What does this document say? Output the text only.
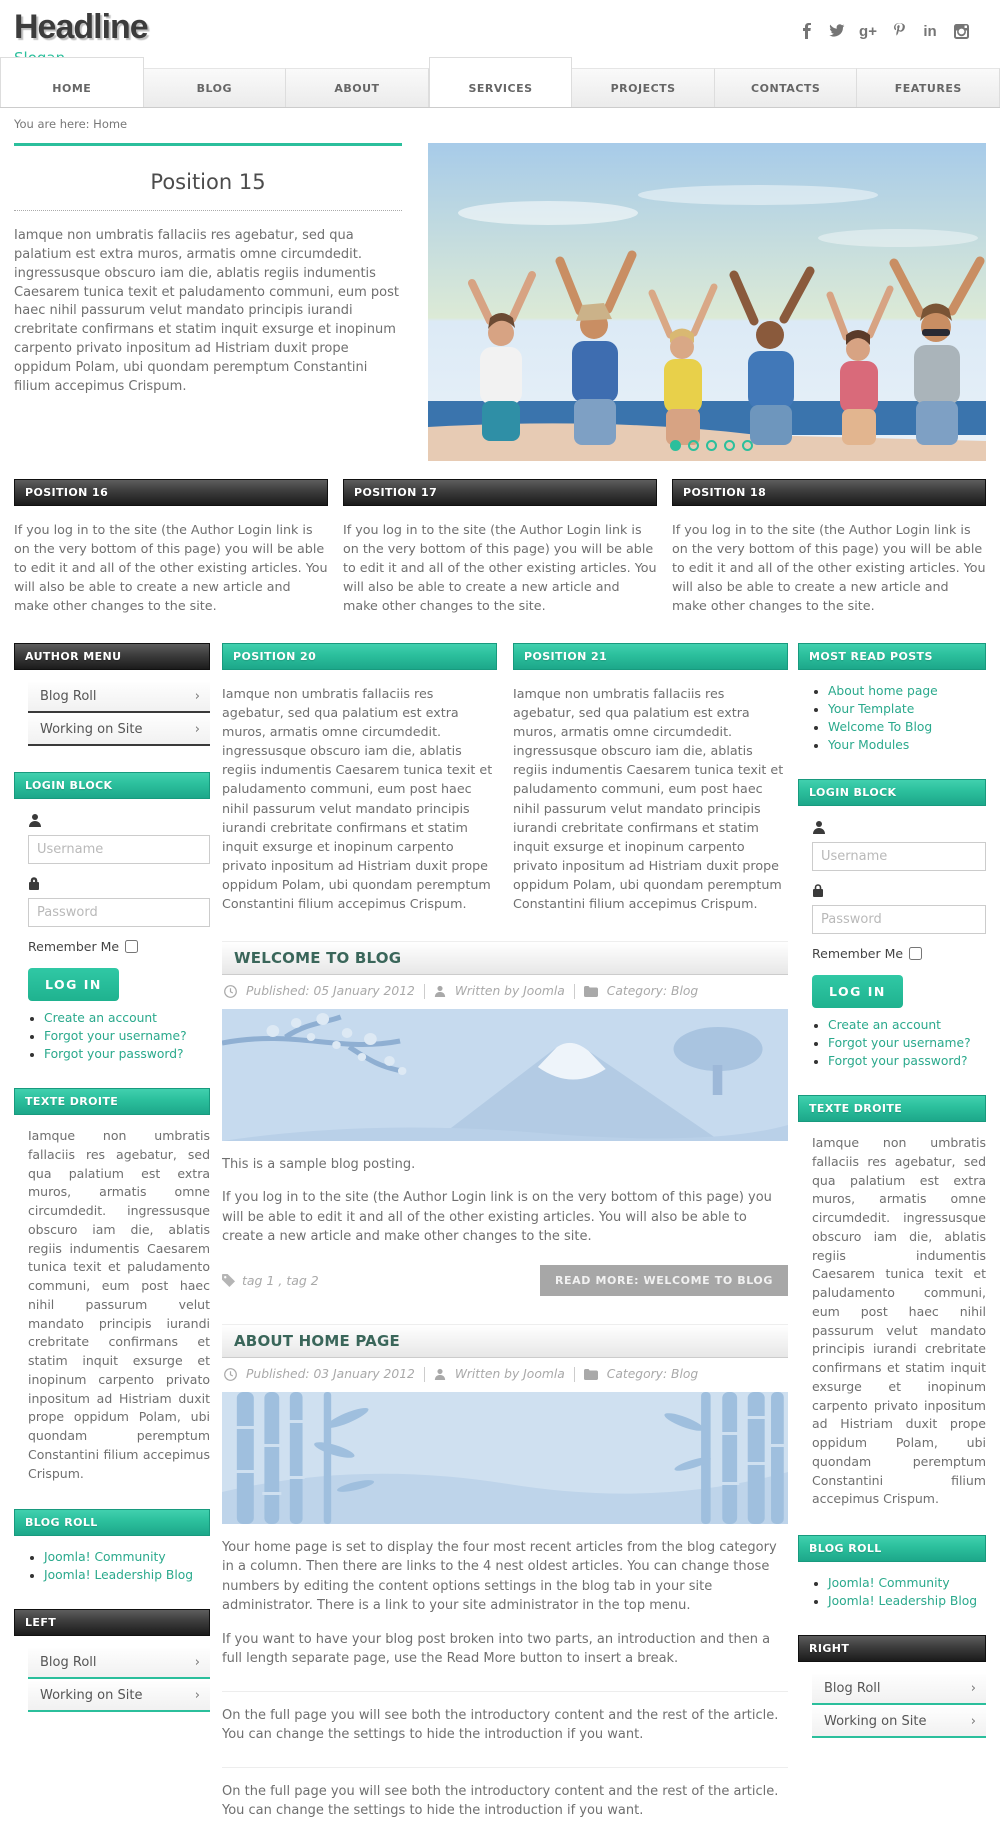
Headline	g+	in
HOME	BLOG	ABOUT	SERVICES	PROJECTS	CONTACTS	FEATURES
You are here: Home
Position 15

Iamque non umbratis fallaciis res agebatur, sed qua palatium est extra muros, armatis omne circumdedit. ingressusque obscuro iam die, ablatis regiis indumentis Caesarem tunica texit et paludamento communi, eum post haec nihil passurum velut mandato principis iurandi crebritate confirmans et statim inquit exsurge et inopinum carpento privato inpositum ad Histriam duxit prope oppidum Polam, ubi quondam peremptum Constantini filium accepimus Crispum.

POSITION 16

If you log in to the site (the Author Login link is on the very bottom of this page) you will be able to edit it and all of the other existing articles. You will also be able to create a new article and make other changes to the site.

POSITION 17

If you log in to the site (the Author Login link is on the very bottom of this page) you will be able to edit it and all of the other existing articles. You will also be able to create a new article and make other changes to the site.

POSITION 18

If you log in to the site (the Author Login link is on the very bottom of this page) you will be able to edit it and all of the other existing articles. You will also be able to create a new article and make other changes to the site.

AUTHOR MENU
Blog Roll	›
Working on Site	›
LOGIN BLOCK
Username
Remember Me
LOG IN
• Create an account
• Forgot your username?
• Forgot your password?
TEXTE DROITE

Iamque non umbratis fallaciis res agebatur, sed qua palatium est extra muros, armatis omne circumdedit. ingressusque obscuro iam die, ablatis regiis indumentis Caesarem tunica texit et paludamento communi, eum post haec nihil passurum velut mandato principis iurandi crebritate confirmans et statim inquit exsurge et inopinum carpento privato inpositum ad Histriam duxit prope oppidum Polam, ubi quondam peremptum Constantini filium accepimus Crispum.

BLOG ROLL
• Joomla! Community
• Joomla! Leadership Blog
LEFT
Blog Roll	›
Working on Site	›
POSITION 20

Iamque non umbratis fallaciis res agebatur, sed qua palatium est extra muros, armatis omne circumdedit. ingressusque obscuro iam die, ablatis regiis indumentis Caesarem tunica texit et paludamento communi, eum post haec nihil passurum velut mandato principis iurandi crebritate confirmans et statim inquit exsurge et inopinum carpento privato inpositum ad Histriam duxit prope oppidum Polam, ubi quondam peremptum Constantini filium accepimus Crispum.

POSITION 21

Iamque non umbratis fallaciis res agebatur, sed qua palatium est extra muros, armatis omne circumdedit. ingressusque obscuro iam die, ablatis regiis indumentis Caesarem tunica texit et paludamento communi, eum post haec nihil passurum velut mandato principis iurandi crebritate confirmans et statim inquit exsurge et inopinum carpento privato inpositum ad Histriam duxit prope oppidum Polam, ubi quondam peremptum Constantini filium accepimus Crispum.

WELCOME TO BLOG
Published: 05 January 2012	Written by Joomla	Category: Blog

This is a sample blog posting.

If you log in to the site (the Author Login link is on the very bottom of this page) you will be able to edit it and all of the other existing articles. You will also be able to create a new article and make other changes to the site.

tag 1 , tag 2	READ MORE: WELCOME TO BLOG
ABOUT HOME PAGE
Published: 03 January 2012	Written by Joomla	Category: Blog

Your home page is set to display the four most recent articles from the blog category in a column. Then there are links to the 4 nest oldest articles. You can change those numbers by editing the content options settings in the blog tab in your site administrator. There is a link to your site administrator in the top menu.

If you want to have your blog post broken into two parts, an introduction and then a full length separate page, use the Read More button to insert a break.

On the full page you will see both the introductory content and the rest of the article. You can change the settings to hide the introduction if you want.

On the full page you will see both the introductory content and the rest of the article. You can change the settings to hide the introduction if you want.

MOST READ POSTS
• About home page
• Your Template
• Welcome To Blog
• Your Modules
LOGIN BLOCK
Username
Remember Me
LOG IN
• Create an account
• Forgot your username?
• Forgot your password?
TEXTE DROITE

Iamque non umbratis fallaciis res agebatur, sed qua palatium est extra muros, armatis omne circumdedit. ingressusque obscuro iam die, ablatis regiis indumentis Caesarem tunica texit et paludamento communi, eum post haec nihil passurum velut mandato principis iurandi crebritate confirmans et statim inquit exsurge et inopinum carpento privato inpositum ad Histriam duxit prope oppidum Polam, ubi quondam peremptum Constantini filium accepimus Crispum.

BLOG ROLL
• Joomla! Community
• Joomla! Leadership Blog
RIGHT
Blog Roll	›
Working on Site	›
